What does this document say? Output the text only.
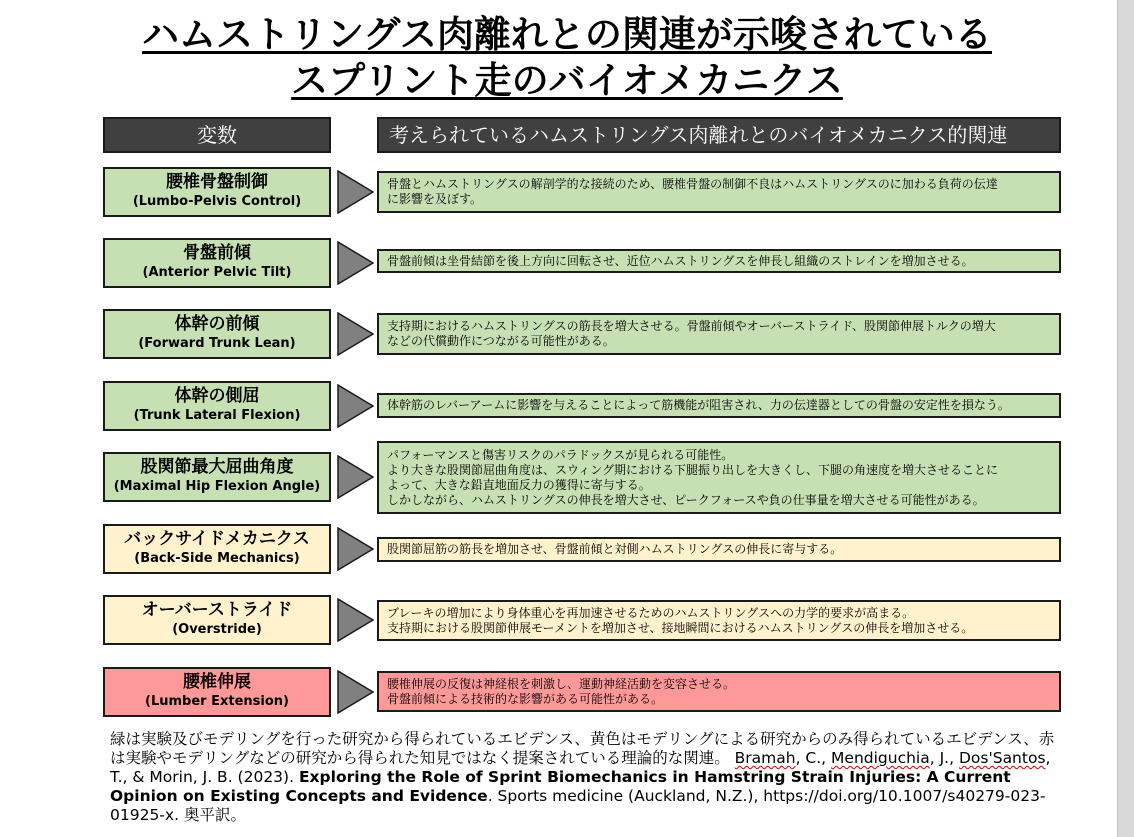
ハムストリングス肉離れとの関連が示唆されている
スプリント走のバイオメカニクス
変数	考えられているハムストリングス肉離れとのバイオメカニクス的関連
腰椎骨盤制御
(Lumbo-Pelvis Control)
骨盤とハムストリングスの解剖学的な接続のため、腰椎骨盤の制御不良はハムストリングスのに加わる負荷の伝達
に影響を及ぼす。
骨盤前傾
(Anterior Pelvic Tilt)
骨盤前傾は坐骨結節を後上方向に回転させ、近位ハムストリングスを伸長し組織のストレインを増加させる。
体幹の前傾
(Forward Trunk Lean)
支持期におけるハムストリングスの筋長を増大させる。骨盤前傾やオーバーストライド、股関節伸展トルクの増大
などの代償動作につながる可能性がある。
体幹の側屈
(Trunk Lateral Flexion)
体幹筋のレバーアームに影響を与えることによって筋機能が阻害され、力の伝達器としての骨盤の安定性を損なう。
股関節最大屈曲角度
(Maximal Hip Flexion Angle)
パフォーマンスと傷害リスクのパラドックスが見られる可能性。
より大きな股関節屈曲角度は、スウィング期における下腿振り出しを大きくし、下腿の角速度を増大させることに
よって、大きな鉛直地面反力の獲得に寄与する。
しかしながら、ハムストリングスの伸長を増大させ、ピークフォースや負の仕事量を増大させる可能性がある。
バックサイドメカニクス
(Back-Side Mechanics)
股関節屈筋の筋長を増加させ、骨盤前傾と対側ハムストリングスの伸長に寄与する。
オーバーストライド
(Overstride)
ブレーキの増加により身体重心を再加速させるためのハムストリングスへの力学的要求が高まる。
支持期における股関節伸展モーメントを増加させ、接地瞬間におけるハムストリングスの伸長を増加させる。
腰椎伸展
(Lumber Extension)
腰椎伸展の反復は神経根を刺激し、運動神経活動を変容させる。
骨盤前傾による技術的な影響がある可能性がある。
緑は実験及びモデリングを行った研究から得られているエビデンス、黄色はモデリングによる研究からのみ得られているエビデンス、赤は実験やモデリングなどの研究から得られた知見ではなく提案されている理論的な関連。 Bramah, C., Mendiguchia, J., Dos'Santos, T., & Morin, J. B. (2023). Exploring the Role of Sprint Biomechanics in Hamstring Strain Injuries: A Current Opinion on Existing Concepts and Evidence. Sports medicine (Auckland, N.Z.), https://doi.org/10.1007/s40279-023-01925-x. 奥平訳。
